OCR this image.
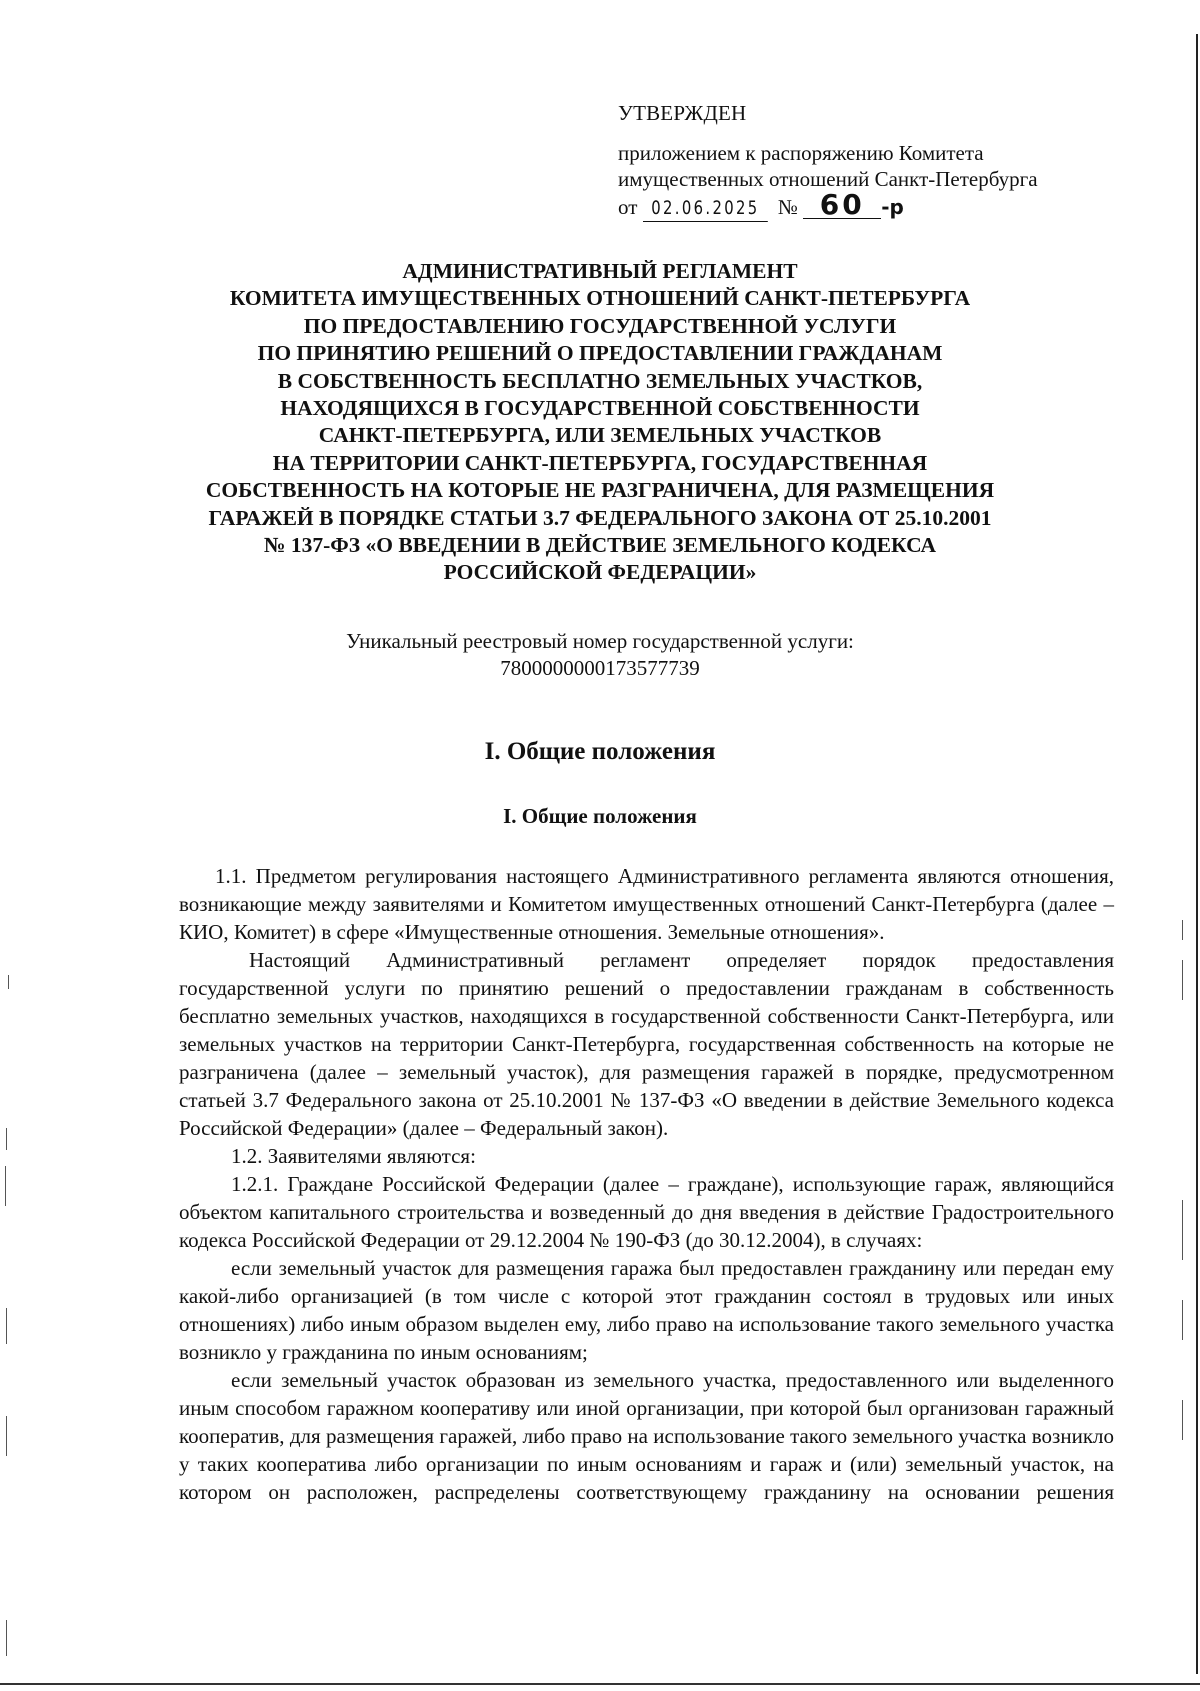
УТВЕРЖДЕН

приложением к распоряжению Комитета

имущественных отношений Санкт-Петербурга

от 02.06.2025 № 60 -р

АДМИНИСТРАТИВНЫЙ РЕГЛАМЕНТ
КОМИТЕТА ИМУЩЕСТВЕННЫХ ОТНОШЕНИЙ САНКТ-ПЕТЕРБУРГА
ПО ПРЕДОСТАВЛЕНИЮ ГОСУДАРСТВЕННОЙ УСЛУГИ
ПО ПРИНЯТИЮ РЕШЕНИЙ О ПРЕДОСТАВЛЕНИИ ГРАЖДАНАМ
В СОБСТВЕННОСТЬ БЕСПЛАТНО ЗЕМЕЛЬНЫХ УЧАСТКОВ,
НАХОДЯЩИХСЯ В ГОСУДАРСТВЕННОЙ СОБСТВЕННОСТИ
САНКТ-ПЕТЕРБУРГА, ИЛИ ЗЕМЕЛЬНЫХ УЧАСТКОВ
НА ТЕРРИТОРИИ САНКТ-ПЕТЕРБУРГА, ГОСУДАРСТВЕННАЯ
СОБСТВЕННОСТЬ НА КОТОРЫЕ НЕ РАЗГРАНИЧЕНА, ДЛЯ РАЗМЕЩЕНИЯ
ГАРАЖЕЙ В ПОРЯДКЕ СТАТЬИ 3.7 ФЕДЕРАЛЬНОГО ЗАКОНА ОТ 25.10.2001
№ 137-ФЗ «О ВВЕДЕНИИ В ДЕЙСТВИЕ ЗЕМЕЛЬНОГО КОДЕКСА
РОССИЙСКОЙ ФЕДЕРАЦИИ»

Уникальный реестровый номер государственной услуги:
7800000000173577739

I. Общие положения
I. Общие положения

1.1. Предметом регулирования настоящего Административного регламента являются отношения, возникающие между заявителями и Комитетом имущественных отношений Санкт-Петербурга (далее – КИО, Комитет) в сфере «Имущественные отношения. Земельные отношения».

Настоящий Административный регламент определяет порядок предоставления государственной услуги по принятию решений о предоставлении гражданам в собственность бесплатно земельных участков, находящихся в государственной собственности Санкт-Петербурга, или земельных участков на территории Санкт-Петербурга, государственная собственность на которые не разграничена (далее – земельный участок), для размещения гаражей в порядке, предусмотренном статьей 3.7 Федерального закона от 25.10.2001 № 137-ФЗ «О введении в действие Земельного кодекса Российской Федерации» (далее – Федеральный закон).

1.2. Заявителями являются:

1.2.1. Граждане Российской Федерации (далее – граждане), использующие гараж, являющийся объектом капитального строительства и возведенный до дня введения в действие Градостроительного кодекса Российской Федерации от 29.12.2004 № 190-ФЗ (до 30.12.2004), в случаях:

если земельный участок для размещения гаража был предоставлен гражданину или передан ему какой-либо организацией (в том числе с которой этот гражданин состоял в трудовых или иных отношениях) либо иным образом выделен ему, либо право на использование такого земельного участка возникло у гражданина по иным основаниям;

если земельный участок образован из земельного участка, предоставленного или выделенного иным способом гаражном кооперативу или иной организации, при которой был организован гаражный кооператив, для размещения гаражей, либо право на использование такого земельного участка возникло у таких кооператива либо организации по иным основаниям и гараж и (или) земельный участок, на котором он расположен, распределены соответствующему гражданину на основании решения
